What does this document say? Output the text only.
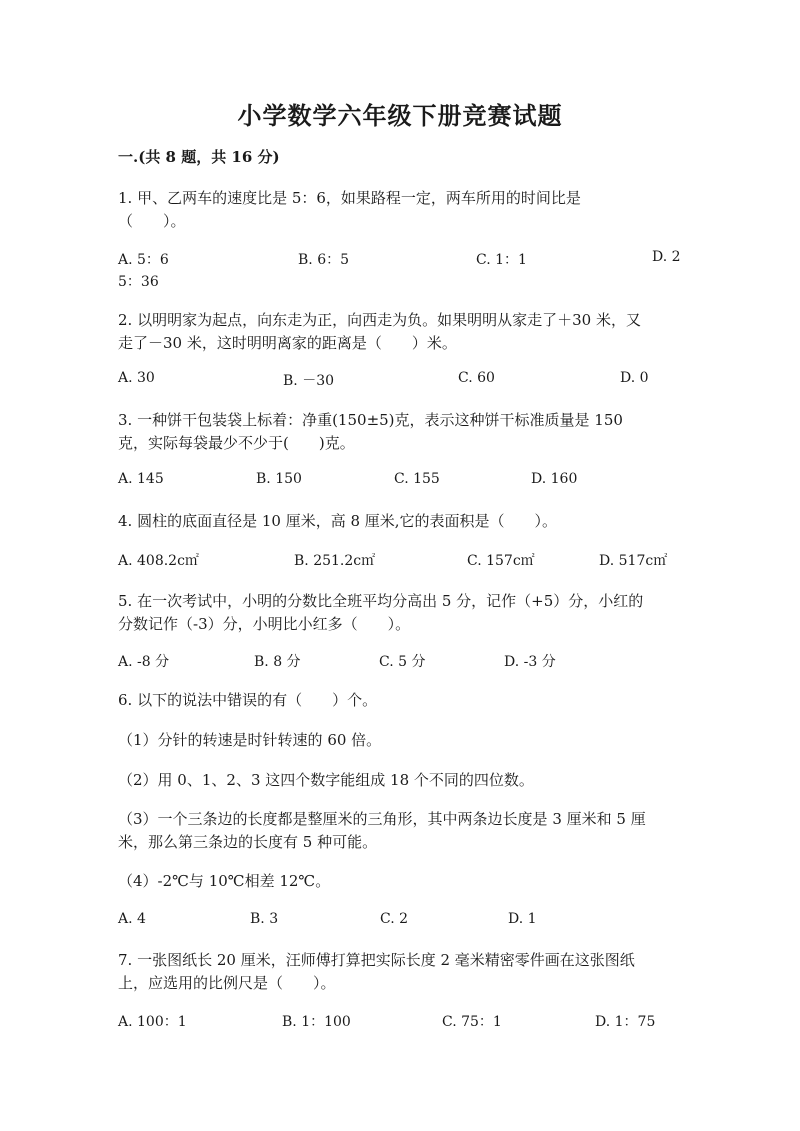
小学数学六年级下册竞赛试题
一.(共 8 题，共 16 分)
1. 甲、乙两车的速度比是 5：6，如果路程一定，两车所用的时间比是
（　　）。
A. 5：6	B. 6：5	C. 1：1	D. 2
5：36
2. 以明明家为起点，向东走为正，向西走为负。如果明明从家走了＋30 米，又
走了－30 米，这时明明离家的距离是（　　）米。
A. 30	B. －30	C. 60	D. 0
3. 一种饼干包装袋上标着：净重(150±5)克，表示这种饼干标准质量是 150
克，实际每袋最少不少于(　　)克。
A. 145	B. 150	C. 155	D. 160
4. 圆柱的底面直径是 10 厘米，高 8 厘米,它的表面积是（　　）。
A. 408.2c㎡	B. 251.2c㎡	C. 157c㎡	D. 517c㎡
5. 在一次考试中，小明的分数比全班平均分高出 5 分，记作（+5）分，小红的
分数记作（-3）分，小明比小红多（　　）。
A. -8 分	B. 8 分	C. 5 分	D. -3 分
6. 以下的说法中错误的有（　　）个。
（1）分针的转速是时针转速的 60 倍。
（2）用 0、1、2、3 这四个数字能组成 18 个不同的四位数。
（3）一个三条边的长度都是整厘米的三角形，其中两条边长度是 3 厘米和 5 厘
米，那么第三条边的长度有 5 种可能。
（4）-2℃与 10℃相差 12℃。
A. 4	B. 3	C. 2	D. 1
7. 一张图纸长 20 厘米，汪师傅打算把实际长度 2 毫米精密零件画在这张图纸
上，应选用的比例尺是（　　）。
A. 100：1	B. 1：100	C. 75：1	D. 1：75
